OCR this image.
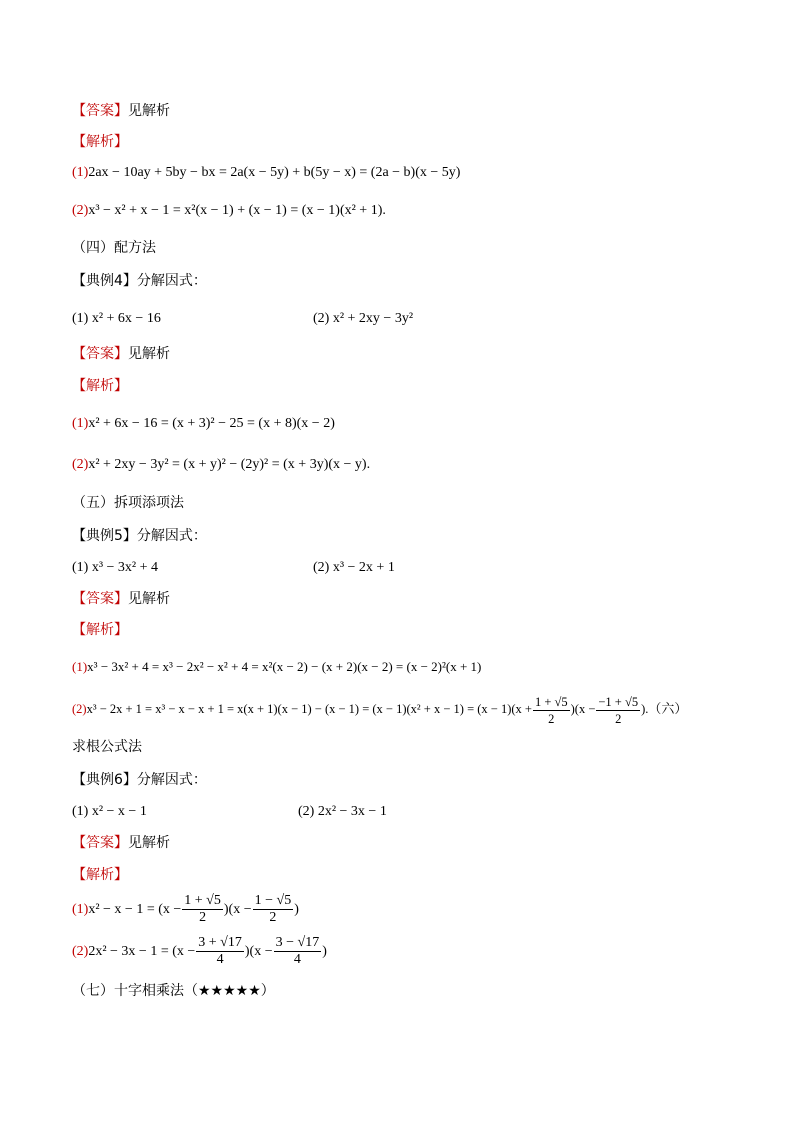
【答案】见解析
【解析】
(1)2ax − 10ay + 5by − bx = 2a(x − 5y) + b(5y − x) = (2a − b)(x − 5y)
(2)x³ − x² + x − 1 = x²(x − 1) + (x − 1) = (x − 1)(x² + 1).
（四）配方法
【典例4】分解因式：
(1) x² + 6x − 16	(2) x² + 2xy − 3y²
【答案】见解析
【解析】
(1)x² + 6x − 16 = (x + 3)² − 25 = (x + 8)(x − 2)
(2)x² + 2xy − 3y² = (x + y)² − (2y)² = (x + 3y)(x − y).
（五）拆项添项法
【典例5】分解因式：
(1) x³ − 3x² + 4	(2) x³ − 2x + 1
【答案】见解析
【解析】
(1)x³ − 3x² + 4 = x³ − 2x² − x² + 4 = x²(x − 2) − (x + 2)(x − 2) = (x − 2)²(x + 1)
$(2)x^3 - 2x + 1 = x^3 - x - x + 1 = x(x + 1)(x - 1) - (x - 1) = (x - 1)(x^2 + x - 1) = (x - 1)(x + \frac{1 + √5}{2} )(x - \frac{-1 + √5}{2}$ ).（六）
求根公式法
【典例6】分解因式：
(1) x² − x − 1	(2) 2x² − 3x − 1
【答案】见解析
【解析】
$(1)x^2 - x - 1 = (x - \frac{1 + √5}{2} )(x - \frac{1 - √5}{2}$ )
$(2)2x^2 - 3x - 1 = (x - \frac{3 + √17}{4} )(x - \frac{3 - √17}{4}$ )
（七）十字相乘法（★★★★★）
